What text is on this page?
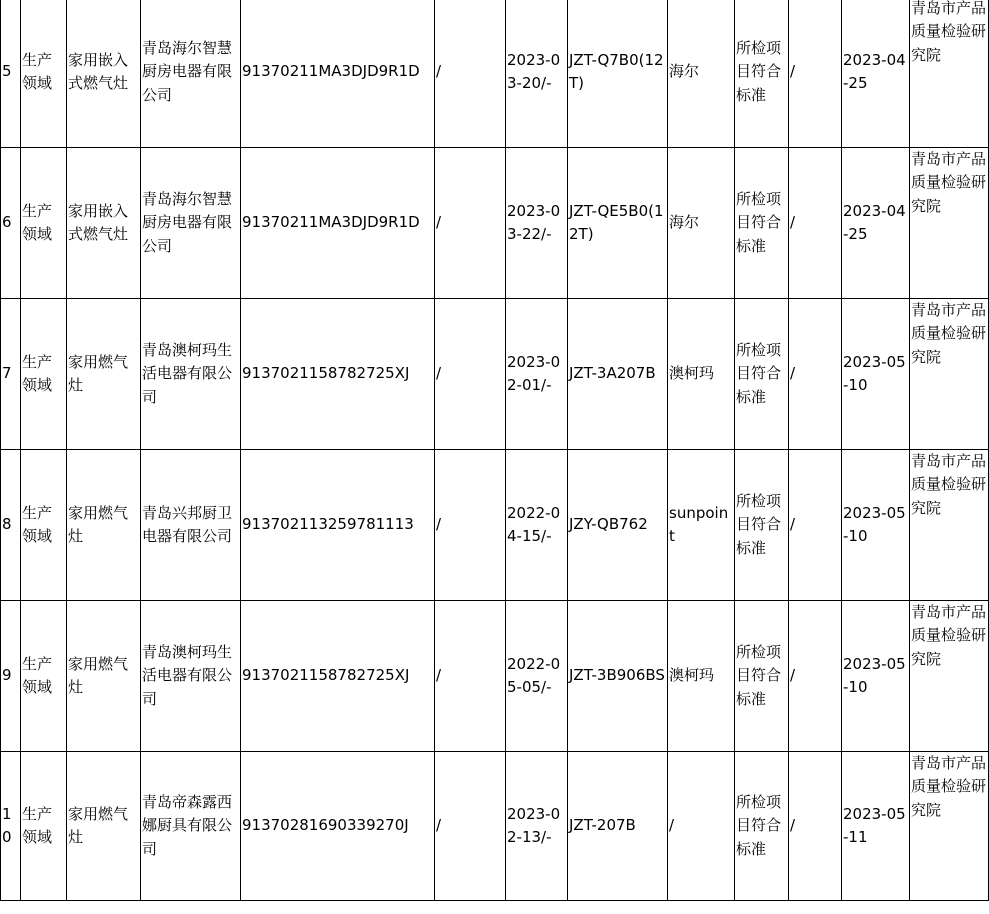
5	生产领域	家用嵌入式燃气灶	青岛海尔智慧厨房电器有限公司	91370211MA3DJD9R1D	/	2023-03-20/-	JZT-Q7B0(12T)	海尔	所检项目符合标准	/	2023-04-25	青岛市产品质量检验研究院
6	生产领域	家用嵌入式燃气灶	青岛海尔智慧厨房电器有限公司	91370211MA3DJD9R1D	/	2023-03-22/-	JZT-QE5B0(12T)	海尔	所检项目符合标准	/	2023-04-25	青岛市产品质量检验研究院
7	生产领域	家用燃气灶	青岛澳柯玛生活电器有限公司	9137021158782725XJ	/	2023-02-01/-	JZT-3A207B	澳柯玛	所检项目符合标准	/	2023-05-10	青岛市产品质量检验研究院
8	生产领域	家用燃气灶	青岛兴邦厨卫电器有限公司	913702113259781113	/	2022-04-15/-	JZY-QB762	sunpoint	所检项目符合标准	/	2023-05-10	青岛市产品质量检验研究院
9	生产领域	家用燃气灶	青岛澳柯玛生活电器有限公司	9137021158782725XJ	/	2022-05-05/-	JZT-3B906BS	澳柯玛	所检项目符合标准	/	2023-05-10	青岛市产品质量检验研究院
10	生产领域	家用燃气灶	青岛帝森露西娜厨具有限公司	91370281690339270J	/	2023-02-13/-	JZT-207B	/	所检项目符合标准	/	2023-05-11	青岛市产品质量检验研究院
